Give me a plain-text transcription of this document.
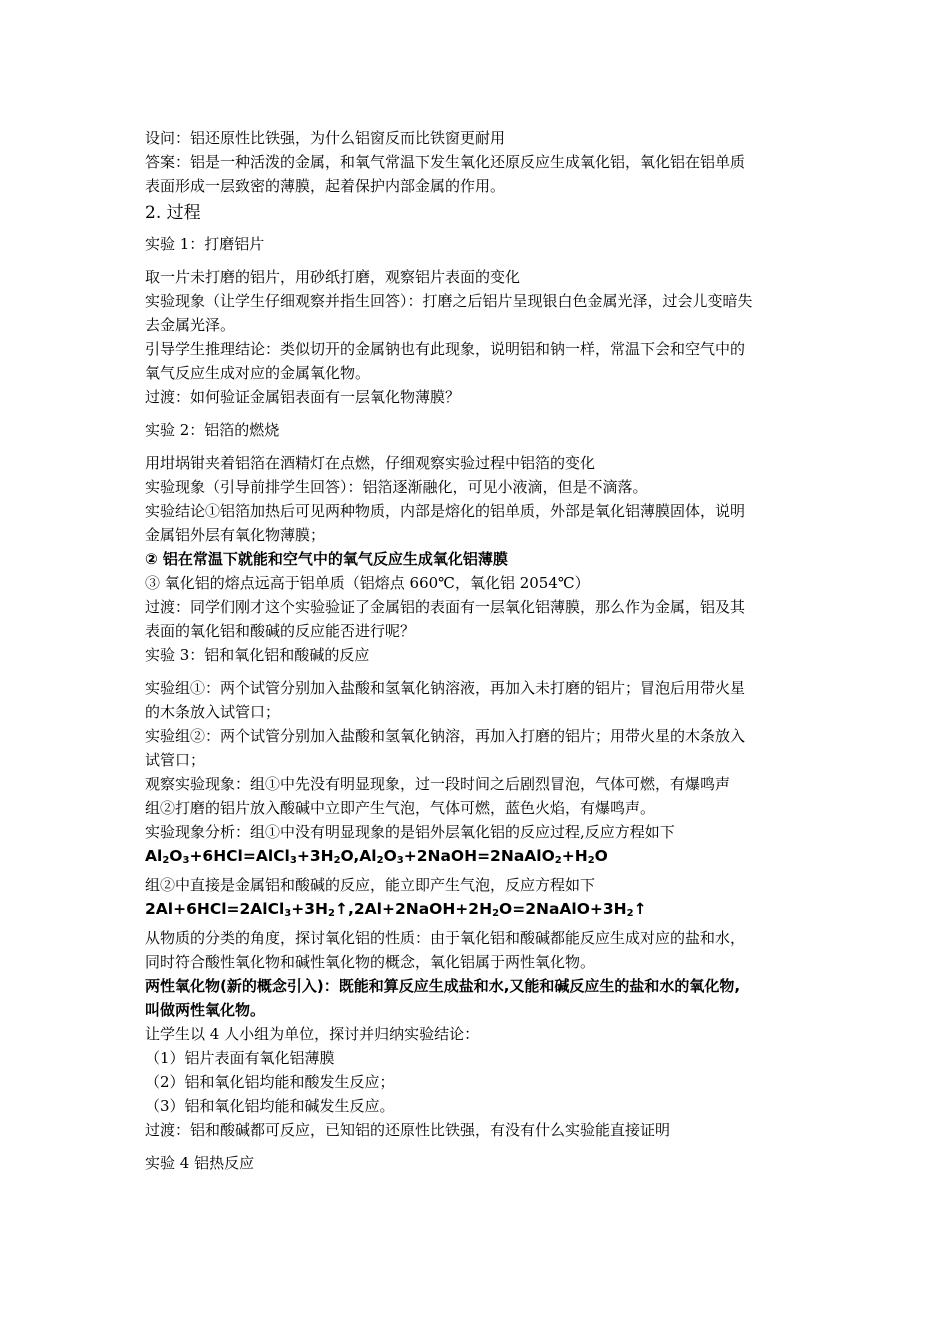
设问：铝还原性比铁强，为什么铝窗反而比铁窗更耐用

答案：铝是一种活泼的金属，和氧气常温下发生氧化还原反应生成氧化铝，氧化铝在铝单质

表面形成一层致密的薄膜，起着保护内部金属的作用。

2. 过程

实验 1：打磨铝片

取一片未打磨的铝片，用砂纸打磨，观察铝片表面的变化

实验现象（让学生仔细观察并指生回答）：打磨之后铝片呈现银白色金属光泽，过会儿变暗失

去金属光泽。

引导学生推理结论：类似切开的金属钠也有此现象，说明铝和钠一样，常温下会和空气中的

氧气反应生成对应的金属氧化物。

过渡：如何验证金属铝表面有一层氧化物薄膜？

实验 2：铝箔的燃烧

用坩埚钳夹着铝箔在酒精灯在点燃，仔细观察实验过程中铝箔的变化

实验现象（引导前排学生回答）：铝箔逐渐融化，可见小液滴，但是不滴落。

实验结论①铝箔加热后可见两种物质，内部是熔化的铝单质，外部是氧化铝薄膜固体，说明

金属铝外层有氧化物薄膜；

② 铝在常温下就能和空气中的氧气反应生成氧化铝薄膜

③ 氧化铝的熔点远高于铝单质（铝熔点 660℃，氧化铝 2054℃）

过渡：同学们刚才这个实验验证了金属铝的表面有一层氧化铝薄膜，那么作为金属，铝及其

表面的氧化铝和酸碱的反应能否进行呢？

实验 3：铝和氧化铝和酸碱的反应

实验组①：两个试管分别加入盐酸和氢氧化钠溶液，再加入未打磨的铝片；冒泡后用带火星

的木条放入试管口；

实验组②：两个试管分别加入盐酸和氢氧化钠溶，再加入打磨的铝片；用带火星的木条放入

试管口；

观察实验现象：组①中先没有明显现象，过一段时间之后剧烈冒泡，气体可燃，有爆鸣声

组②打磨的铝片放入酸碱中立即产生气泡，气体可燃，蓝色火焰，有爆鸣声。

实验现象分析：组①中没有明显现象的是铝外层氧化铝的反应过程,反应方程如下

$Al_2O_3+6HCl=AlCl_3+3H_2O,Al_2O_3+2NaOH=2NaAlO_2+H_2O$

组②中直接是金属铝和酸碱的反应，能立即产生气泡，反应方程如下

$2Al+6HCl=2AlCl_3+3H_2↑,2Al+2NaOH+2H_2O=2NaAlO+3H_2↑$

从物质的分类的角度，探讨氧化铝的性质：由于氧化铝和酸碱都能反应生成对应的盐和水，

同时符合酸性氧化物和碱性氧化物的概念，氧化铝属于两性氧化物。

两性氧化物(新的概念引入)：既能和算反应生成盐和水,又能和碱反应生的盐和水的氧化物,

叫做两性氧化物。

让学生以 4 人小组为单位，探讨并归纳实验结论：

（1）铝片表面有氧化铝薄膜

（2）铝和氧化铝均能和酸发生反应；

（3）铝和氧化铝均能和碱发生反应。

过渡：铝和酸碱都可反应，已知铝的还原性比铁强，有没有什么实验能直接证明

实验 4 铝热反应
